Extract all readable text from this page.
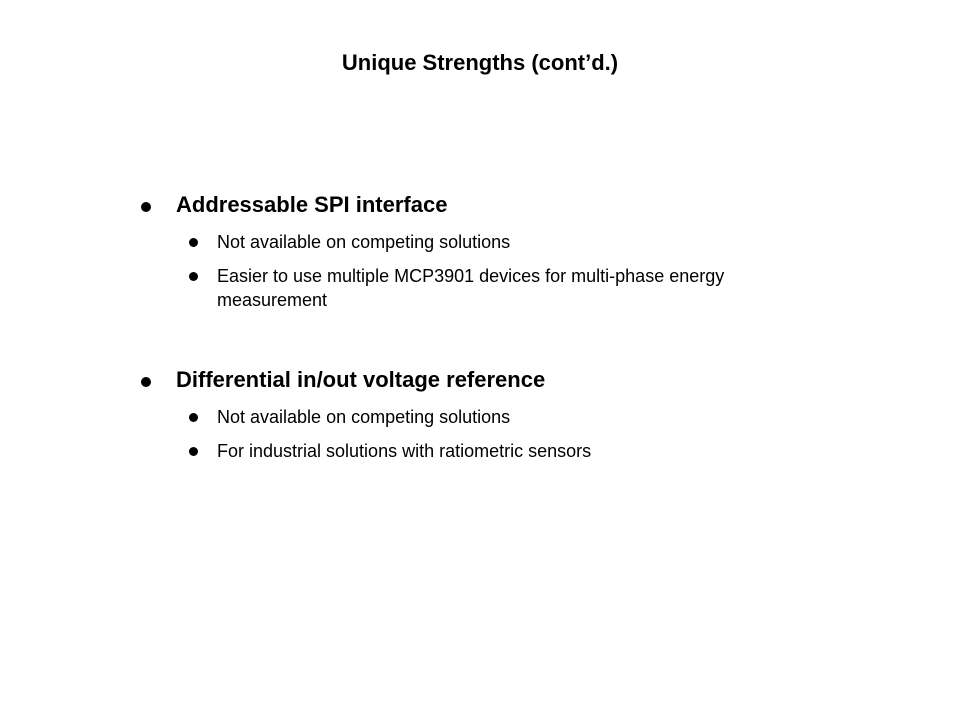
Unique Strengths (cont’d.)
Addressable SPI interface
Not available on competing solutions
Easier to use multiple MCP3901 devices for multi-phase energy measurement
Differential in/out voltage reference
Not available on competing solutions
For industrial solutions with ratiometric sensors
